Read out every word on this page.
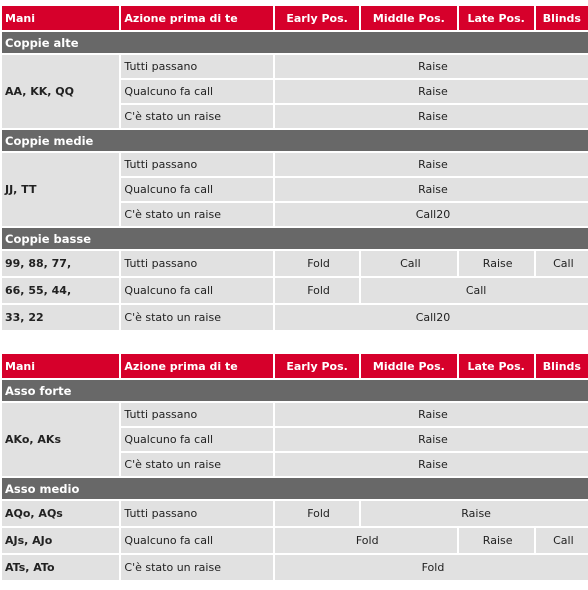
Mani	Azione prima di te	Early Pos.	Middle Pos.	Late Pos.	Blinds
Coppie alte					
AA, KK, QQ	Tutti passano	Raise			
	Qualcuno fa call	Raise			
	C'è stato un raise	Raise			
Coppie medie					
JJ, TT	Tutti passano	Raise			
	Qualcuno fa call	Raise			
	C'è stato un raise	Call20			
Coppie basse					
99, 88, 77,	Tutti passano	Fold	Call	Raise	Call
66, 55, 44,	Qualcuno fa call	Fold	Call		
33, 22	C'è stato un raise	Call20			
Mani	Azione prima di te	Early Pos.	Middle Pos.	Late Pos.	Blinds
Asso forte					
AKo, AKs	Tutti passano	Raise			
	Qualcuno fa call	Raise			
	C'è stato un raise	Raise			
Asso medio					
AQo, AQs	Tutti passano	Fold	Raise		
AJs, AJo	Qualcuno fa call	Fold		Raise	Call
ATs, ATo	C'è stato un raise	Fold			
